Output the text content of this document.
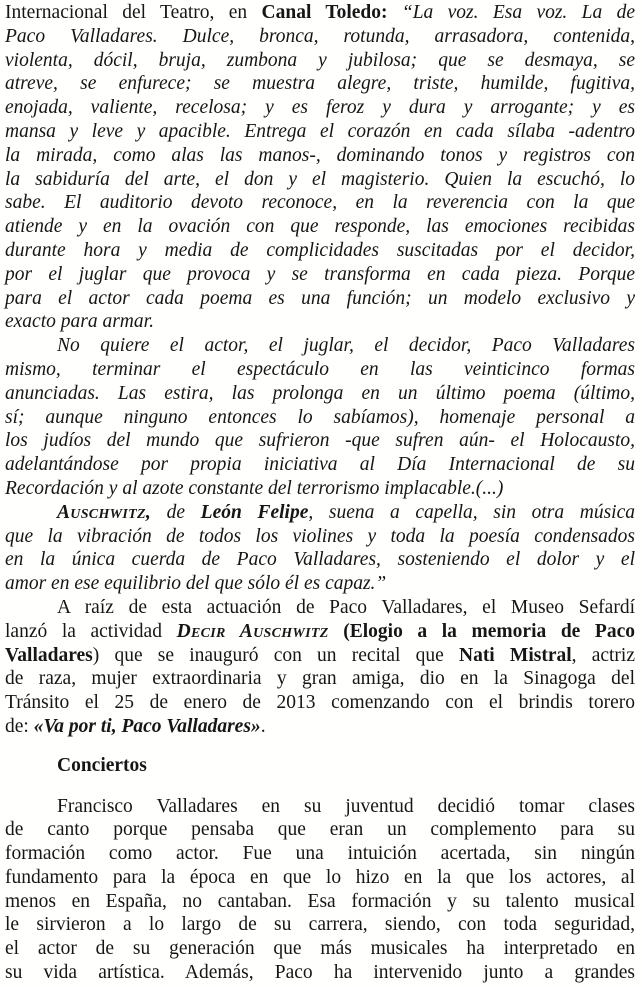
Internacional del Teatro, en Canal Toledo: “La voz. Esa voz. La de
Paco Valladares. Dulce, bronca, rotunda, arrasadora, contenida,
violenta, dócil, bruja, zumbona y jubilosa; que se desmaya, se
atreve, se enfurece; se muestra alegre, triste, humilde, fugitiva,
enojada, valiente, recelosa; y es feroz y dura y arrogante; y es
mansa y leve y apacible. Entrega el corazón en cada sílaba -adentro
la mirada, como alas las manos-, dominando tonos y registros con
la sabiduría del arte, el don y el magisterio. Quien la escuchó, lo
sabe. El auditorio devoto reconoce, en la reverencia con la que
atiende y en la ovación con que responde, las emociones recibidas
durante hora y media de complicidades suscitadas por el decidor,
por el juglar que provoca y se transforma en cada pieza. Porque
para el actor cada poema es una función; un modelo exclusivo y
exacto para armar.
No quiere el actor, el juglar, el decidor, Paco Valladares
mismo, terminar el espectáculo en las veinticinco formas
anunciadas. Las estira, las prolonga en un último poema (último,
sí; aunque ninguno entonces lo sabíamos), homenaje personal a
los judíos del mundo que sufrieron -que sufren aún- el Holocausto,
adelantándose por propia iniciativa al Día Internacional de su
Recordación y al azote constante del terrorismo implacable.(...)
Auschwitz, de León Felipe, suena a capella, sin otra música
que la vibración de todos los violines y toda la poesía condensados
en la única cuerda de Paco Valladares, sosteniendo el dolor y el
amor en ese equilibrio del que sólo él es capaz.”
A raíz de esta actuación de Paco Valladares, el Museo Sefardí
lanzó la actividad Decir Auschwitz (Elogio a la memoria de Paco
Valladares) que se inauguró con un recital que Nati Mistral, actriz
de raza, mujer extraordinaria y gran amiga, dio en la Sinagoga del
Tránsito el 25 de enero de 2013 comenzando con el brindis torero
de: «Va por ti, Paco Valladares».
Conciertos
Francisco Valladares en su juventud decidió tomar clases
de canto porque pensaba que eran un complemento para su
formación como actor. Fue una intuición acertada, sin ningún
fundamento para la época en que lo hizo en la que los actores, al
menos en España, no cantaban. Esa formación y su talento musical
le sirvieron a lo largo de su carrera, siendo, con toda seguridad,
el actor de su generación que más musicales ha interpretado en
su vida artística. Además, Paco ha intervenido junto a grandes
